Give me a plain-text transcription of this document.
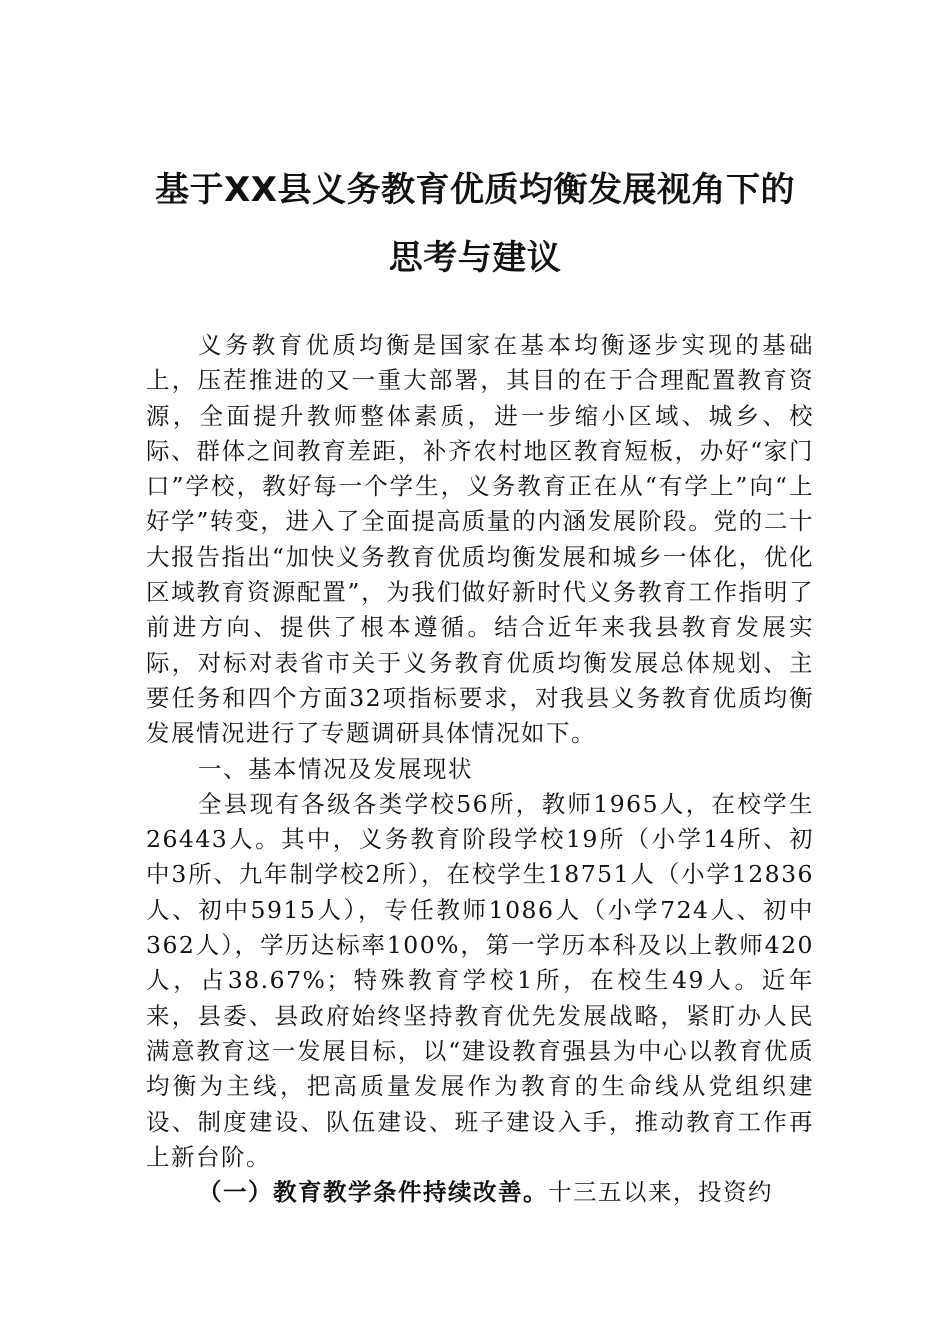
基于XX县义务教育优质均衡发展视角下的
思考与建议

义务教育优质均衡是国家在基本均衡逐步实现的基础上，压茬推进的又一重大部署，其目的在于合理配置教育资源，全面提升教师整体素质，进一步缩小区域、城乡、校际、群体之间教育差距，补齐农村地区教育短板，办好“家门口”学校，教好每一个学生，义务教育正在从“有学上”向“上好学”转变，进入了全面提高质量的内涵发展阶段。党的二十大报告指出“加快义务教育优质均衡发展和城乡一体化，优化区域教育资源配置”，为我们做好新时代义务教育工作指明了前进方向、提供了根本遵循。结合近年来我县教育发展实际，对标对表省市关于义务教育优质均衡发展总体规划、主要任务和四个方面32项指标要求，对我县义务教育优质均衡发展情况进行了专题调研具体情况如下。

一、基本情况及发展现状

全县现有各级各类学校56所，教师1965人，在校学生26443人。其中，义务教育阶段学校19所（小学14所、初中3所、九年制学校2所），在校学生18751人（小学12836人、初中5915人），专任教师1086人（小学724人、初中362人），学历达标率100%，第一学历本科及以上教师420人，占38.67%；特殊教育学校1所，在校生49人。近年来，县委、县政府始终坚持教育优先发展战略，紧盯办人民满意教育这一发展目标，以“建设教育强县为中心以教育优质均衡为主线，把高质量发展作为教育的生命线从党组织建设、制度建设、队伍建设、班子建设入手，推动教育工作再上新台阶。

（一）教育教学条件持续改善。十三五以来，投资约
